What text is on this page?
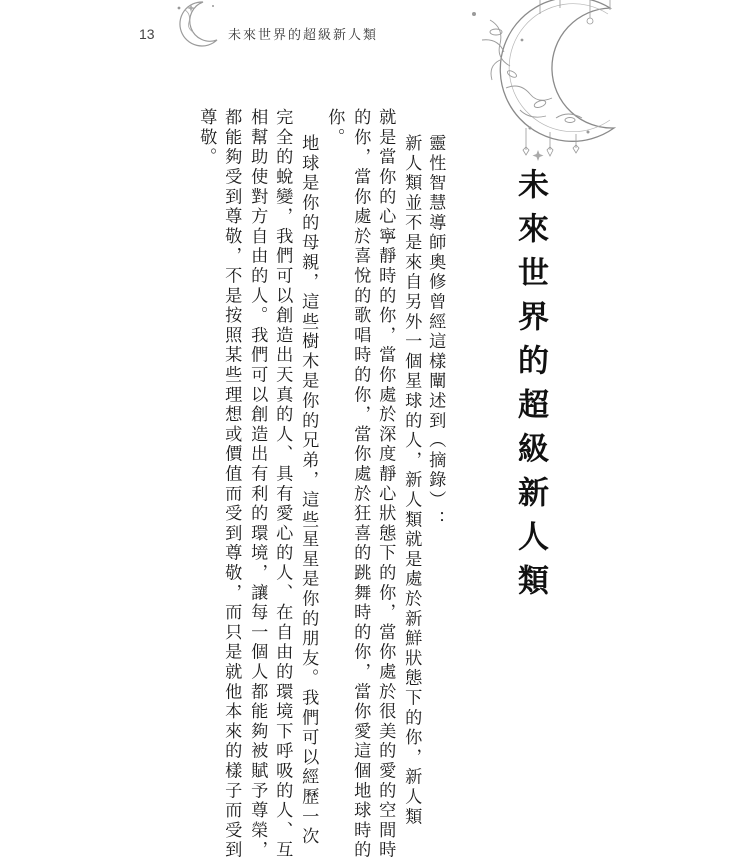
13	未來世界的超級新人類
未來世界的超級新人類
靈性智慧導師奧修曾經這樣闡述到（摘錄）：
新人類並不是來自另外一個星球的人，新人類就是處於新鮮狀態下的你，新人類
就是當你的心寧靜時的你，當你處於深度靜心狀態下的你，當你處於很美的愛的空間時
的你，當你處於喜悅的歌唱時的你，當你處於狂喜的跳舞時的你，當你愛這個地球時的
你。
地球是你的母親，這些樹木是你的兄弟，這些星星是你的朋友。我們可以經歷一次
完全的蛻變，我們可以創造出天真的人、具有愛心的人、在自由的環境下呼吸的人、互
相幫助使對方自由的人。我們可以創造出有利的環境，讓每一個人都能夠被賦予尊榮，
都能夠受到尊敬，不是按照某些理想或價值而受到尊敬，而只是就他本來的樣子而受到
尊敬。
